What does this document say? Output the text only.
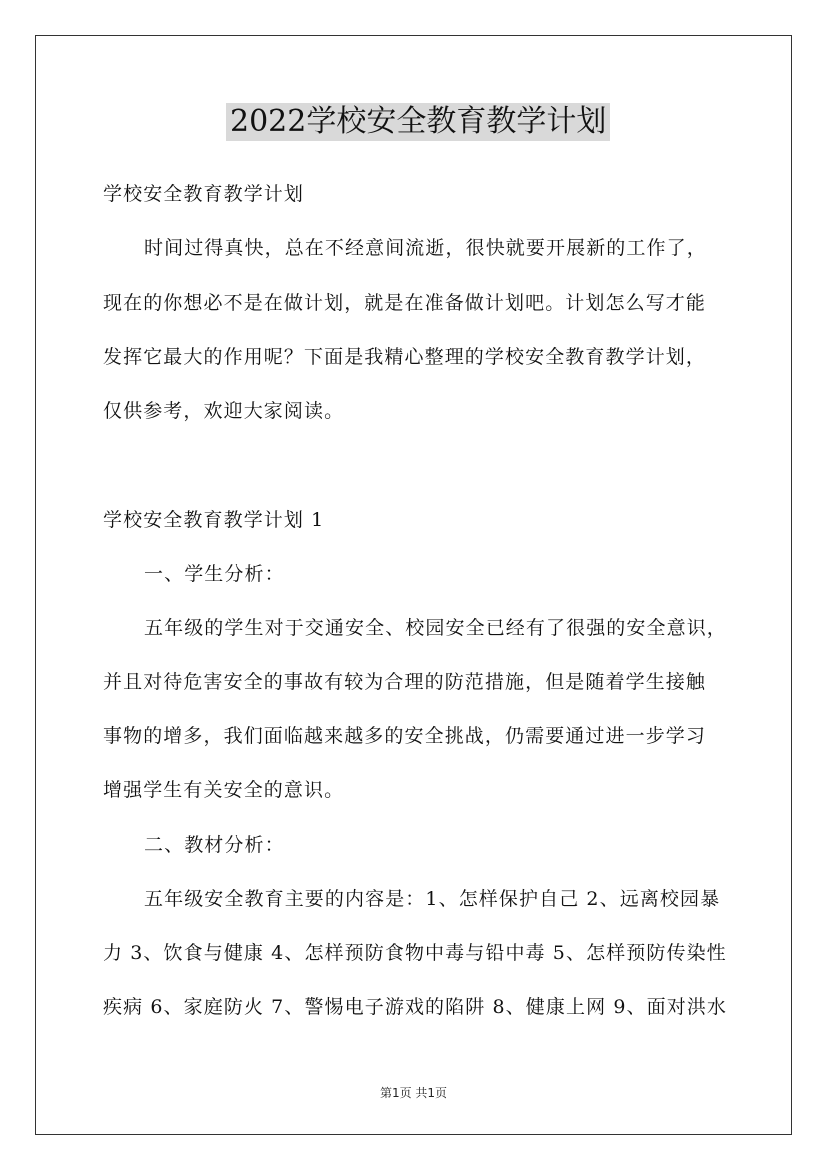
2022学校安全教育教学计划
学校安全教育教学计划
时间过得真快，总在不经意间流逝，很快就要开展新的工作了，
现在的你想必不是在做计划，就是在准备做计划吧。计划怎么写才能
发挥它最大的作用呢？下面是我精心整理的学校安全教育教学计划，
仅供参考，欢迎大家阅读。
学校安全教育教学计划 1
一、学生分析：
五年级的学生对于交通安全、校园安全已经有了很强的安全意识，
并且对待危害安全的事故有较为合理的防范措施，但是随着学生接触
事物的增多，我们面临越来越多的安全挑战，仍需要通过进一步学习
增强学生有关安全的意识。
二、教材分析：
五年级安全教育主要的内容是：1、怎样保护自己 2、远离校园暴
力 3、饮食与健康 4、怎样预防食物中毒与铅中毒 5、怎样预防传染性
疾病 6、家庭防火 7、警惕电子游戏的陷阱 8、健康上网 9、面对洪水
第1页 共1页
